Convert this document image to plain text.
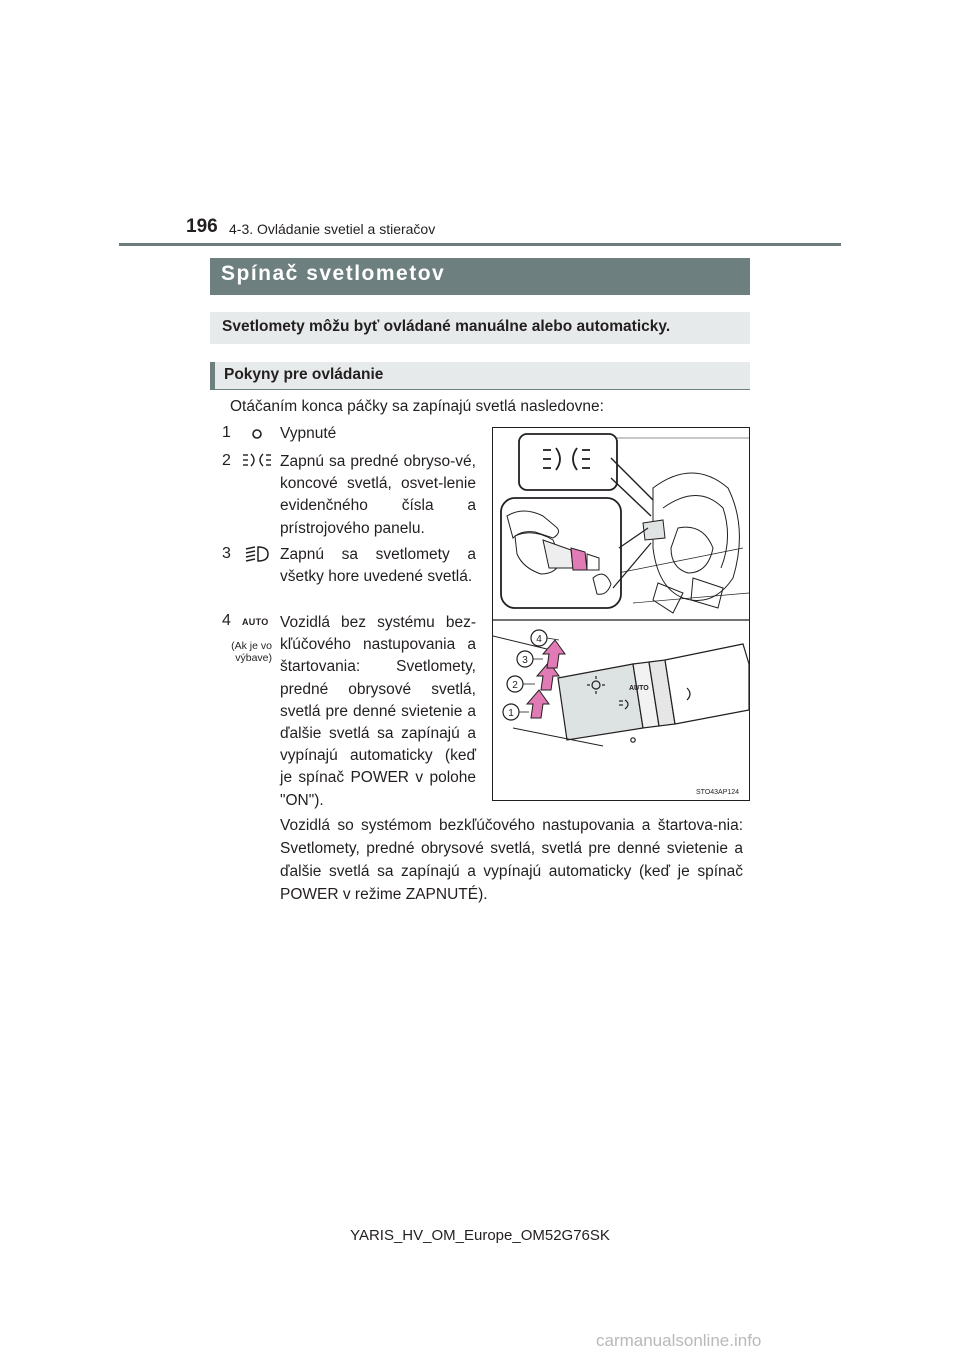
196 4-3. Ovládanie svetiel a stieračov
Spínač svetlometov
Svetlomety môžu byť ovládané manuálne alebo automaticky.
Pokyny pre ovládanie
Otáčaním konca páčky sa zapínajú svetlá nasledovne:
1	Vypnuté
2	Zapnú sa predné obryso-vé, koncové svetlá, osvet-lenie evidenčného čísla a prístrojového panelu.
3	Zapnú sa svetlomety a všetky hore uvedené svetlá.
4 AUTO
(Ak je vo výbave)
Vozidlá bez systému bez-kľúčového nastupovania a štartovania: Svetlomety, predné obrysové svetlá, svetlá pre denné svietenie a ďalšie svetlá sa zapínajú a vypínajú automaticky (keď je spínač POWER v polohe "ON").
Vozidlá so systémom bezkľúčového nastupovania a štartova-nia: Svetlomety, predné obrysové svetlá, svetlá pre denné svietenie a ďalšie svetlá sa zapínajú a vypínajú automaticky (keď je spínač POWER v režime ZAPNUTÉ).
AUTO
1
2
3
4
STO43AP124
YARIS_HV_OM_Europe_OM52G76SK
carmanualsonline.info
